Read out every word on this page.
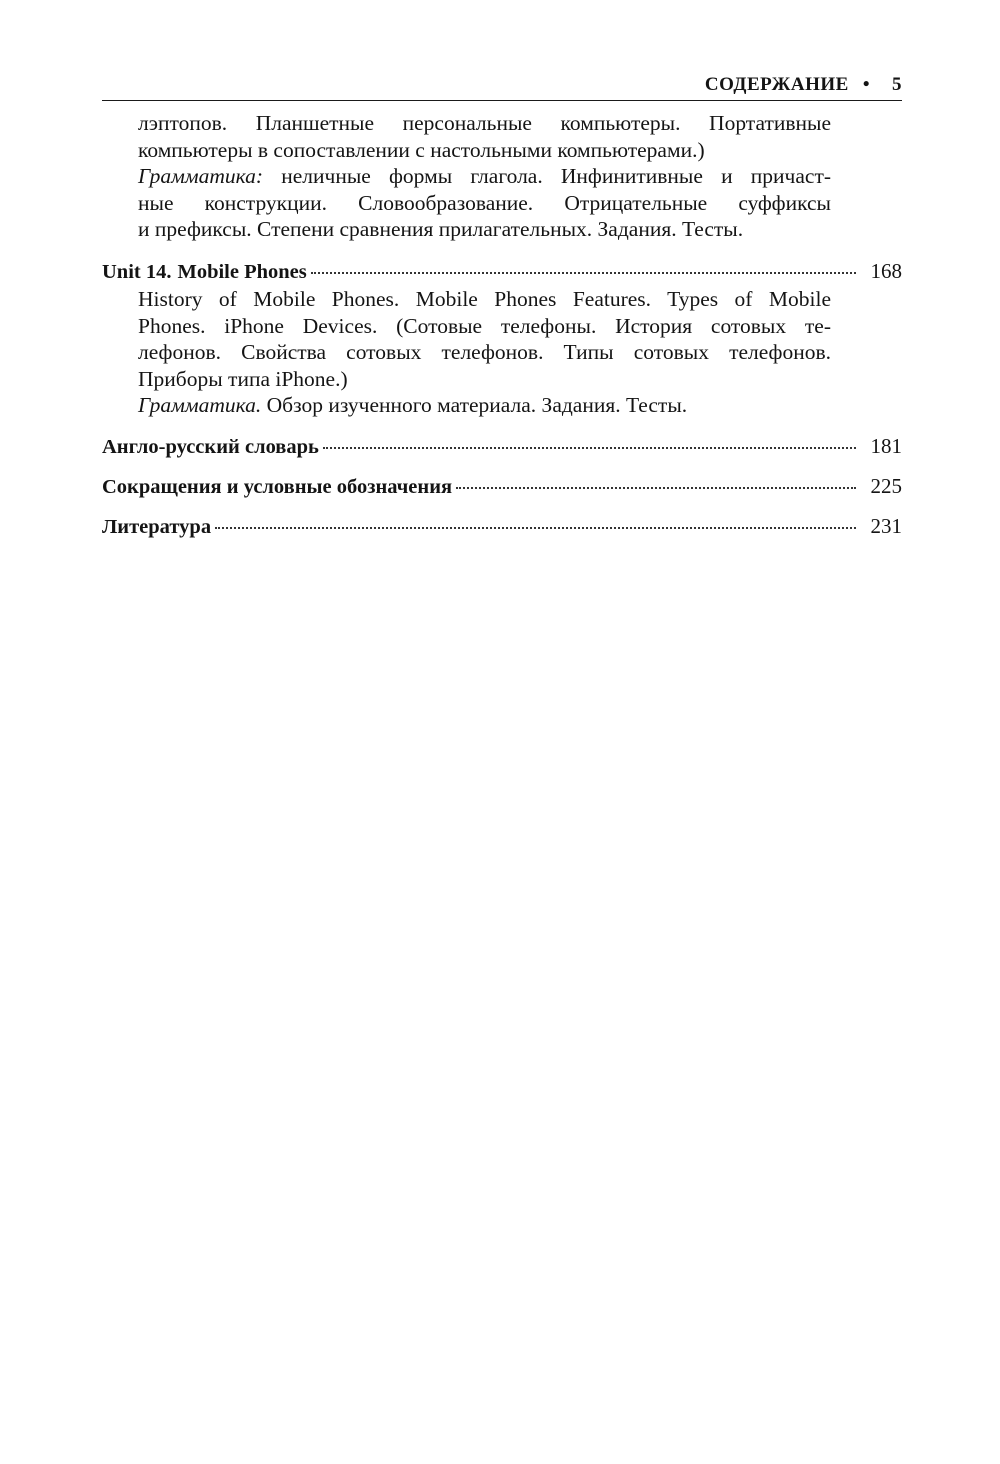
СОДЕРЖАНИЕ • 5
лэптопов. Планшетные персональные компьютеры. Портативные
компьютеры в сопоставлении с настольными компьютерами.)
Грамматика: неличные формы глагола. Инфинитивные и причаст-
ные конструкции. Словообразование. Отрицательные суффиксы
и префиксы. Степени сравнения прилагательных. Задания. Тесты.
Unit 14. Mobile Phones	168
History of Mobile Phones. Mobile Phones Features. Types of Mobile
Phones. iPhone Devices. (Сотовые телефоны. История сотовых те-
лефонов. Свойства сотовых телефонов. Типы сотовых телефонов.
Приборы типа iPhone.)
Грамматика. Обзор изученного материала. Задания. Тесты.
Англо-русский словарь	181
Сокращения и условные обозначения	225
Литература	231
